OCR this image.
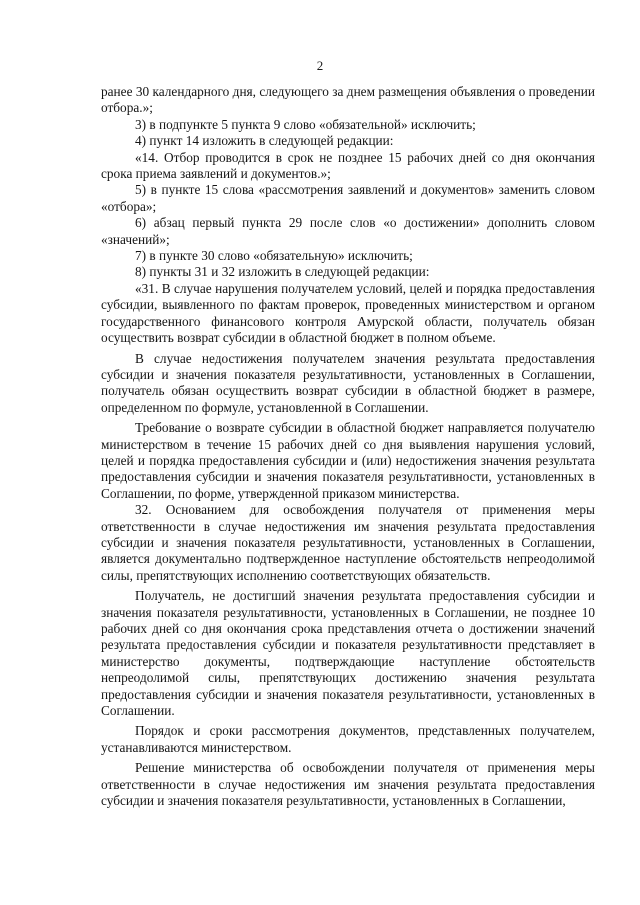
2

ранее 30 календарного дня, следующего за днем размещения объявления о проведении отбора.»;

3) в подпункте 5 пункта 9 слово «обязательной» исключить;

4) пункт 14 изложить в следующей редакции:

«14. Отбор проводится в срок не позднее 15 рабочих дней со дня окончания срока приема заявлений и документов.»;

5) в пункте 15 слова «рассмотрения заявлений и документов» заменить словом «отбора»;

6) абзац первый пункта 29 после слов «о достижении» дополнить словом «значений»;

7) в пункте 30 слово «обязательную» исключить;

8) пункты 31 и 32 изложить в следующей редакции:

«31. В случае нарушения получателем условий, целей и порядка предоставления субсидии, выявленного по фактам проверок, проведенных министерством и органом государственного финансового контроля Амурской области, получатель обязан осуществить возврат субсидии в областной бюджет в полном объеме.

В случае недостижения получателем значения результата предоставления субсидии и значения показателя результативности, установленных в Соглашении, получатель обязан осуществить возврат субсидии в областной бюджет в размере, определенном по формуле, установленной в Соглашении.

Требование о возврате субсидии в областной бюджет направляется получателю министерством в течение 15 рабочих дней со дня выявления нарушения условий, целей и порядка предоставления субсидии и (или) недостижения значения результата предоставления субсидии и значения показателя результативности, установленных в Соглашении, по форме, утвержденной приказом министерства.

32. Основанием для освобождения получателя от применения меры ответственности в случае недостижения им значения результата предоставления субсидии и значения показателя результативности, установленных в Соглашении, является документально подтвержденное наступление обстоятельств непреодолимой силы, препятствующих исполнению соответствующих обязательств.

Получатель, не достигший значения результата предоставления субсидии и значения показателя результативности, установленных в Соглашении, не позднее 10 рабочих дней со дня окончания срока представления отчета о достижении значений результата предоставления субсидии и показателя результативности представляет в министерство документы, подтверждающие наступление обстоятельств непреодолимой силы, препятствующих достижению значения результата предоставления субсидии и значения показателя результативности, установленных в Соглашении.

Порядок и сроки рассмотрения документов, представленных получателем, устанавливаются министерством.

Решение министерства об освобождении получателя от применения меры ответственности в случае недостижения им значения результата предоставления субсидии и значения показателя результативности, установленных в Соглашении,
